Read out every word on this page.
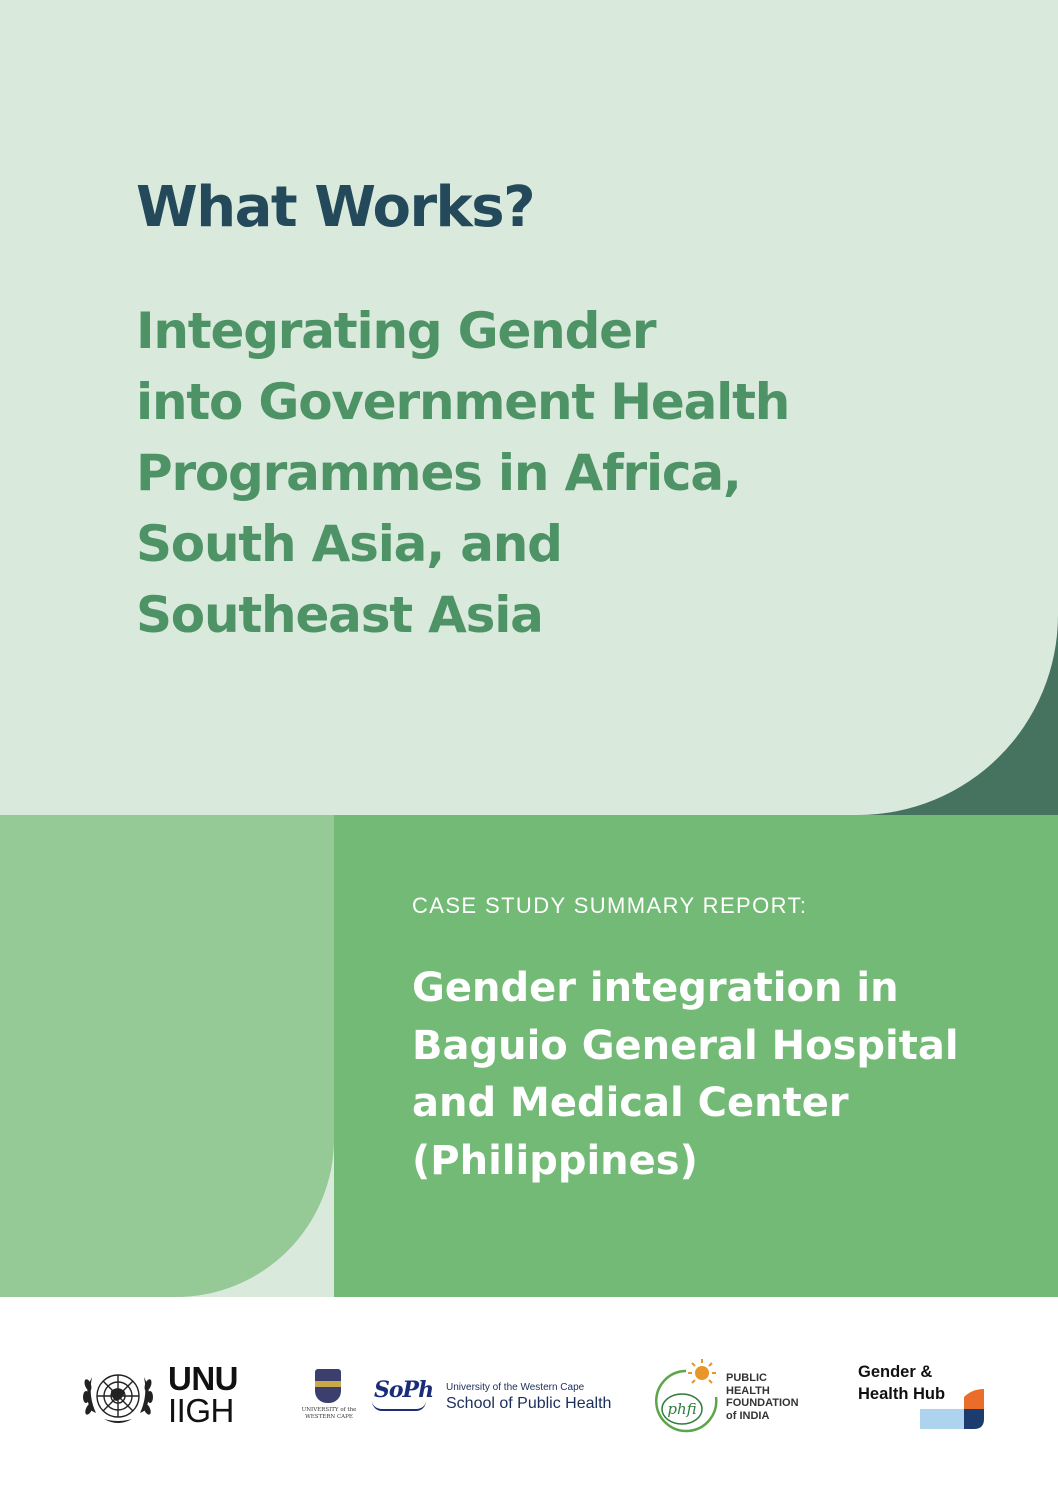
What Works?
Integrating Gender
into Government Health
Programmes in Africa,
South Asia, and
Southeast Asia

CASE STUDY SUMMARY REPORT:

Gender integration in
Baguio General Hospital
and Medical Center
(Philippines)
UNU
IIGH	UNIVERSITY of the
WESTERN CAPE
SoPh University of the Western Cape
School of Public Health	phfi
PUBLIC
HEALTH
FOUNDATION
of INDIA
Gender &
Health Hub
